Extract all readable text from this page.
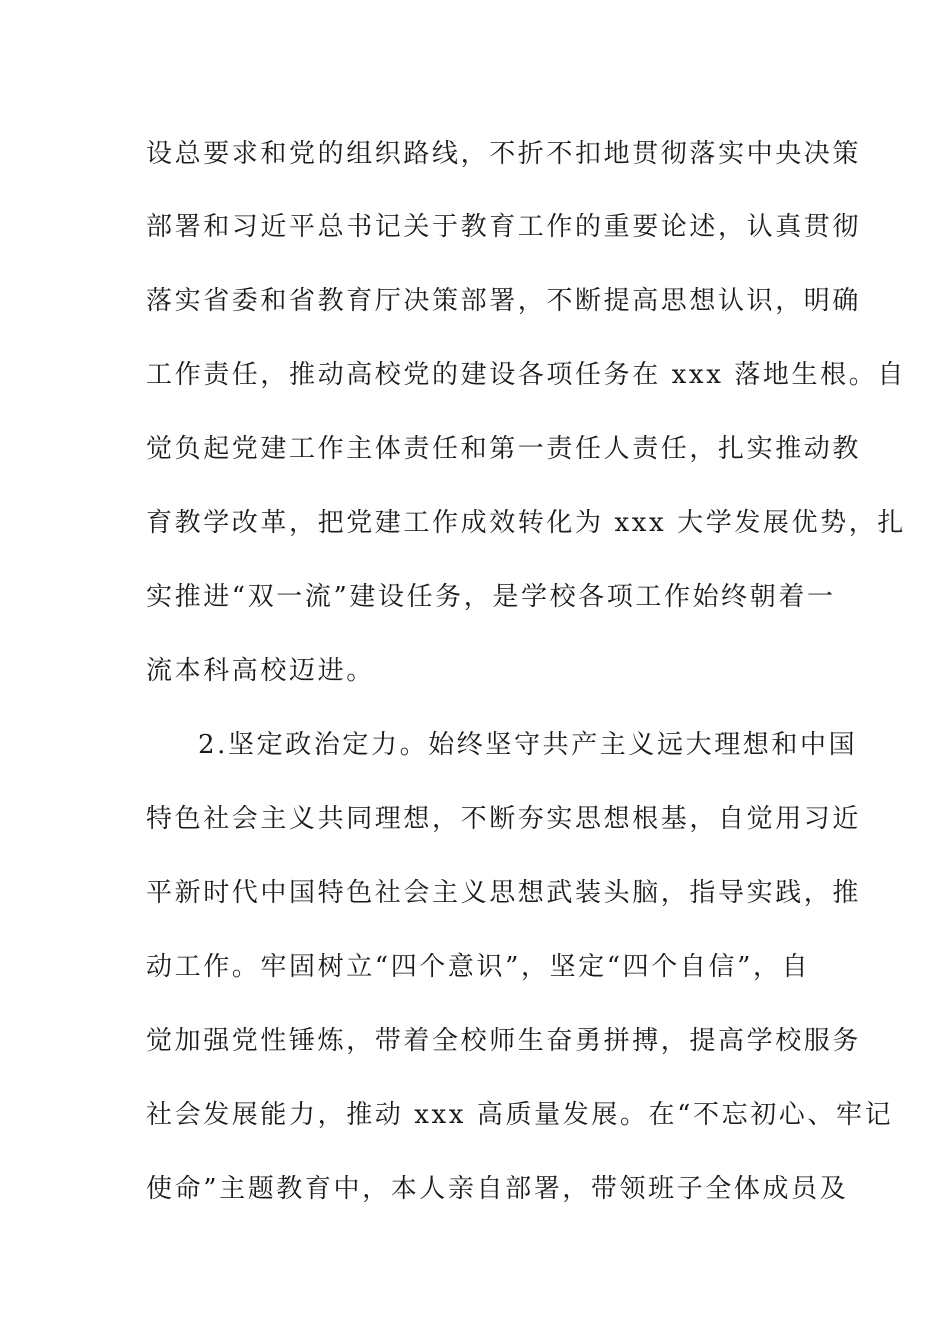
设总要求和党的组织路线，不折不扣地贯彻落实中央决策
部署和习近平总书记关于教育工作的重要论述，认真贯彻
落实省委和省教育厅决策部署，不断提高思想认识，明确
工作责任，推动高校党的建设各项任务在 xxx 落地生根。自
觉负起党建工作主体责任和第一责任人责任，扎实推动教
育教学改革，把党建工作成效转化为 xxx 大学发展优势，扎
实推进“双一流”建设任务，是学校各项工作始终朝着一
流本科高校迈进。
2.坚定政治定力。始终坚守共产主义远大理想和中国
特色社会主义共同理想，不断夯实思想根基，自觉用习近
平新时代中国特色社会主义思想武装头脑，指导实践，推
动工作。牢固树立“四个意识”，坚定“四个自信”，自
觉加强党性锤炼，带着全校师生奋勇拼搏，提高学校服务
社会发展能力，推动 xxx 高质量发展。在“不忘初心、牢记
使命”主题教育中，本人亲自部署，带领班子全体成员及
